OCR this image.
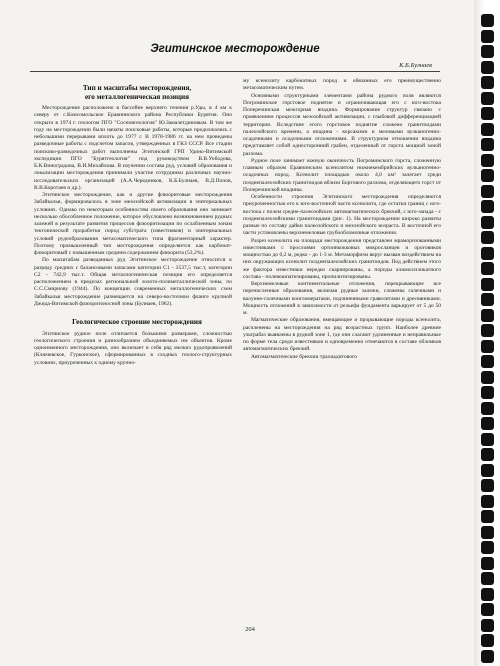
Эгитинское месторождение
К.Б.Булнаев

Тип и масштабы месторождения,

его металлогеническая позиция

Месторождение расположено в бассейне верхнего течения р.Уды, в 4 км к северу от с.Комсомольское Еравнинского района Республики Бурятия. Оно открыто в 1974 г. геологом ПГО "Сосновгеология" Ю.Замалетдиновым. В том же году на месторождении были начаты поисковые работы, которые продолжались с небольшими перерывами вплоть до 1977 г. В 1978-1986 гг. на нем проведены разведочные работы с подсчетом запасов, утвержденных в ГКЗ СССР. Все стадии поисково-разведочных работ выполнены Эгитинской ГРП Удино-Витимской экспедиции ПГО "Бурятгеология" под руководством В.В.Уободова, Б.К.Виноградова, В.И.Михайлова. В изучении состава руд, условий образования и локализации месторождения принимали участие сотрудники различных научно-исследовательских организаций (А.А.Чередников, К.Б.Булнаев, В.Д.Попов, В.В.Коротаев и др.).

Эгитинское месторождение, как и другие флюоритовые месторождения Забайкалья, формировалось в зоне мезозойской активизации в эпитермальных условиях. Однако по некоторым особенностям своего образования оно занимает несколько обособленное положение, которое обусловлено возникновением рудных залежей в результате развития процессов флюоритизации по ослабленным зонам тектонической проработки пород субстрата (известняков) и эпитермальных условий рудообразования метасоматического типа фрагментарный характер. Поэтому промышленный тип месторождения определяется как карбонат-флюоритовый с повышенным средним содержанием флюорита (53,2%).

По масштабам разведанных руд Эгитинское месторождение относится к разряду средних с балансовыми запасами категории C1 - 3537,5 тыс.т, категории C2 - 742,9 тыс.т. Общая металлогеническая позиция его определяется расположением в пределах региональной золото-полиметаллической зоны, по С.С.Смирнову (1944). По концепции современных металлогенических схем Забайкалья месторождение размещается на северо-восточном фланге крупной Джида-Витимской флюоритоносной зоны (Булнаев, 1962).

Геологическое строение месторождения

Эгитинское рудное поле отличается большими размерами, сложностью геологического строения и разнообразием объединяемых им объектов. Кроме одноименного месторождения, оно включает в себя ряд мелких рудопроявлений (Ключевское, Гурконское), сформированных в сходных геолого-структурных условиях, приуроченных к одному крупно-

му ксенолиту карбонатных пород и обязанных его преимущественно метасоматическим путем.

Основными структурными элементами района рудного поля являются Погроминское горстовое поднятие и ограничивающая его с юго-востока Поперечинская межгорная впадина. Формирование структур связано с проявлением процессов мезозойской активизации, с глыбовой дифференциацией территории. Вследствие этого горстовое поднятие сложено гранитоидами палеозойского времени, а впадина - корсакими и меловыми вулканогенно-осадочными и осадочными отложениями. В структурном отношении впадина представляет собой односторонний грабен, отделенный от горста мощной зоной разлома.

Рудное поле занимает южную окончность Погроминского горста, сложенную главным образом Еравнинским ксенолитом нижнекембрийских вулканогенно-осадочных пород. Ксенолит площадью около 4,0 км² залегает среди позднепалеозойских гранитоидов вблизи Бортового разлома, отделяющего горст от Поперечинской впадины.

Особенности строения Эгитинского месторождения определяются приуроченностью его к юго-восточной части ксенолита, где остатки границ с юго-востока с полем средне-палеозойских автомагматических брекчий, с юго-запада - с позднепалеозойскими гранитоидами (рис. 1). На месторождении широко развиты разные по составу дайки палеозойского и мезозойского возраста. В восточной его части установлены верхнемеловые грубообломочные отложения.

Разрез ксенолита на площади месторождения представлен мраморизованными известняками с прослоями ортоинкокковых микросланцев и ороговиков мощностью до 0,2 м, редко - до 1-3 м. Метаморфизм вкруг вызван воздействием на них окружающих ксенолит позднепалеозойских гранитоидов. Под действием этого же фактора известняки нередко скарнированы, а породы алюмосиликатного состава - полевошпатизированы, пропилитизированы.

Верхнемеловые континентальные отложения, перекрывающие все перечисленные образования, включая рудные залежи, сложены галечными и валунно-галечными конгломератами, подчиненными гравелитами и дресвяниками. Мощность отложений в зависимости от рельефа фундамента варьирует от 5 до 50 м.

Магматические образования, вмещающие и прорывающие породы ксенолита, расчленены на месторождения на ряд возрастных групп. Наиболее древние ультрабаз выявлены в рудной зоне 1, где они слагают удлиненные и неправильные по форме тела среди известняков и одновременно отмечаются в составе обломков автомагматических брекчий.

Автомагматические брекчии трахиадитового

204
